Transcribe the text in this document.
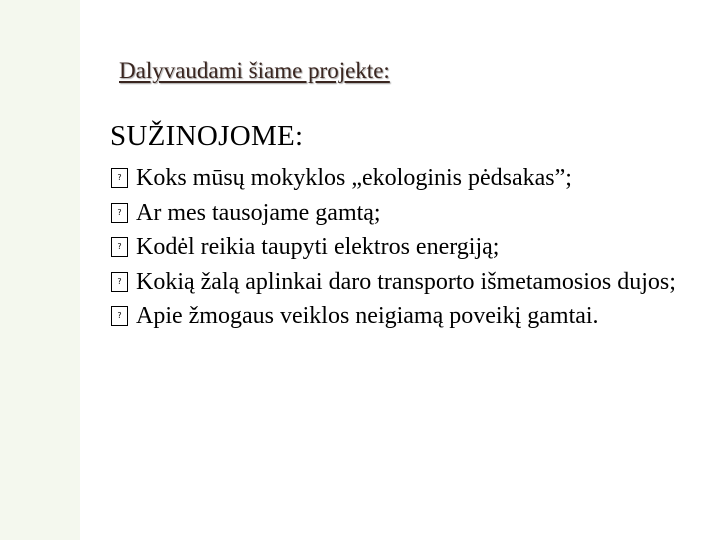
Dalyvaudami šiame projekte:
SUŽINOJOME:
? Koks mūsų mokyklos „ekologinis pėdsakas”;
? Ar mes tausojame gamtą;
? Kodėl reikia taupyti elektros energiją;
? Kokią žalą aplinkai daro transporto išmetamosios dujos;
? Apie žmogaus veiklos neigiamą poveikį gamtai.
